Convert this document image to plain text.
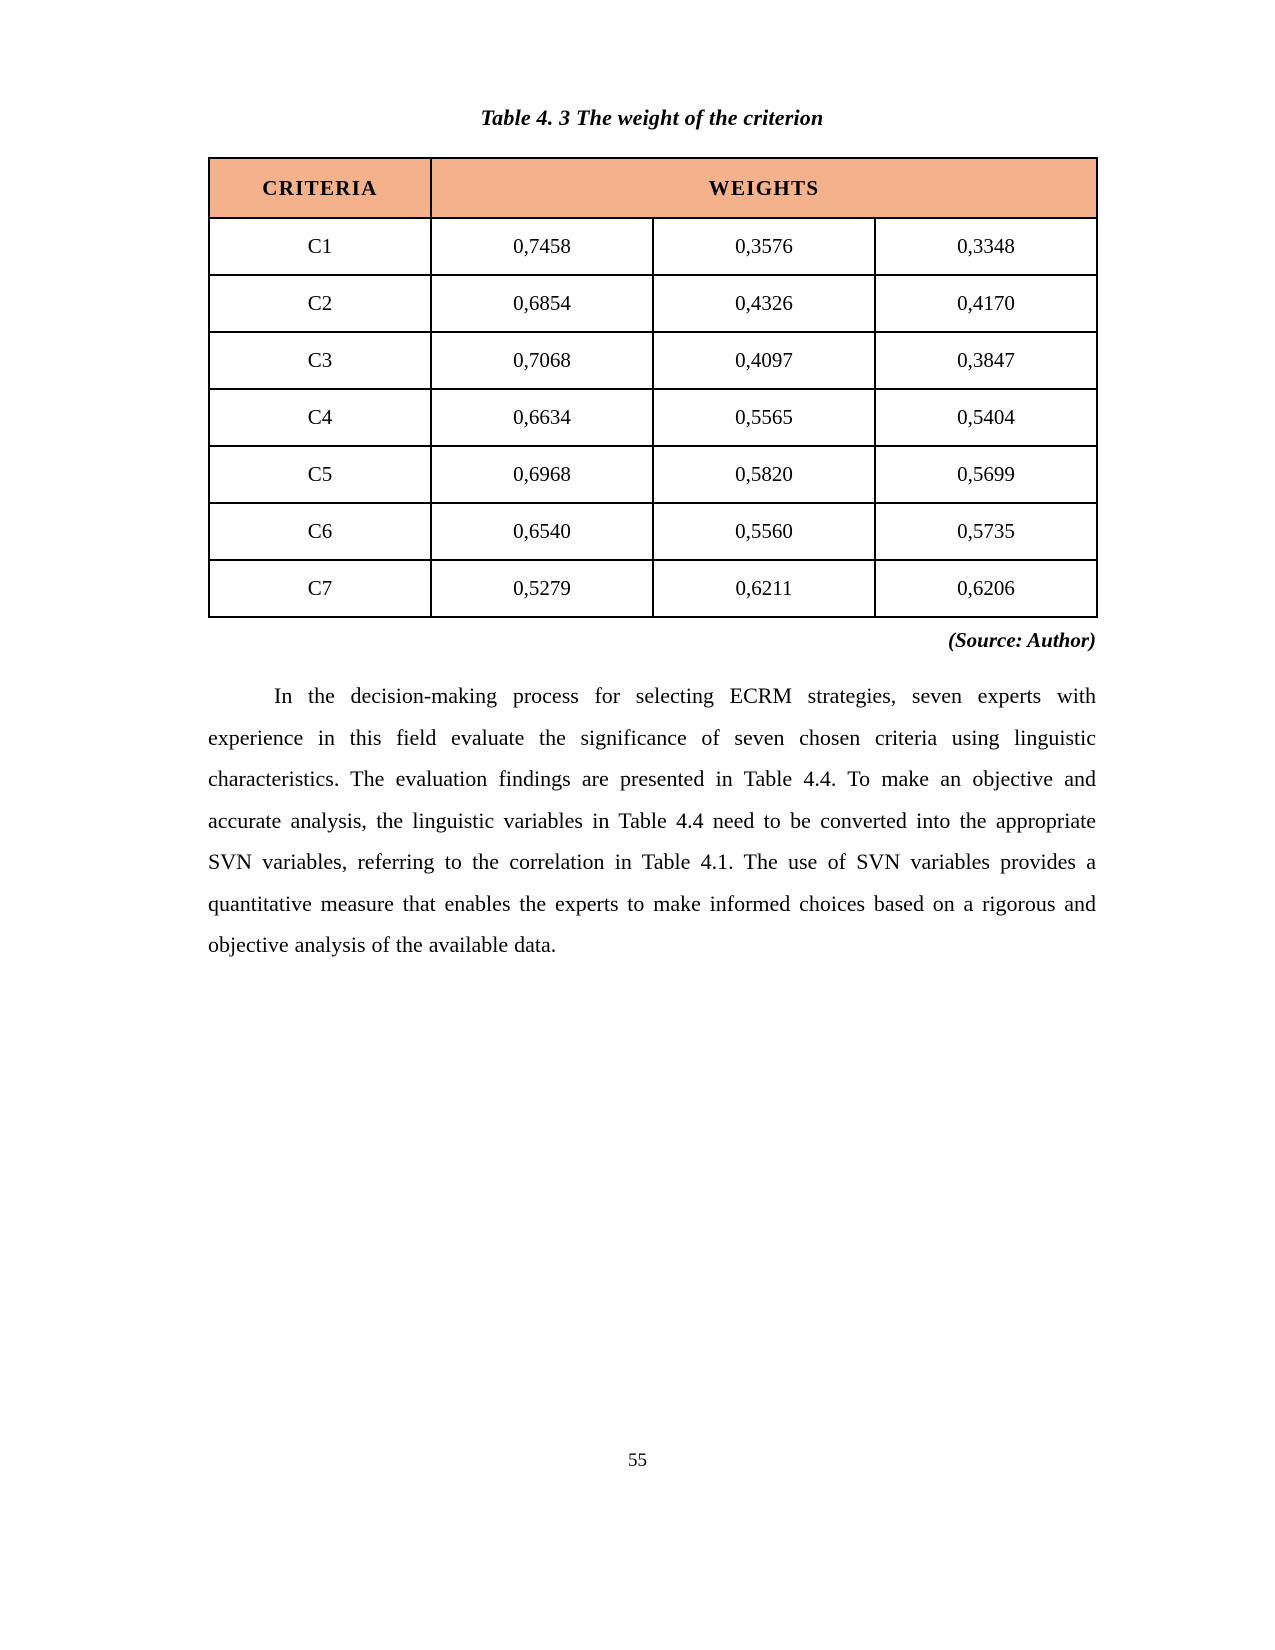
Table 4. 3 The weight of the criterion
CRITERIA	WEIGHTS		
C1	0,7458	0,3576	0,3348
C2	0,6854	0,4326	0,4170
C3	0,7068	0,4097	0,3847
C4	0,6634	0,5565	0,5404
C5	0,6968	0,5820	0,5699
C6	0,6540	0,5560	0,5735
C7	0,5279	0,6211	0,6206
(Source: Author)

In the decision-making process for selecting ECRM strategies, seven experts with experience in this field evaluate the significance of seven chosen criteria using linguistic characteristics. The evaluation findings are presented in Table 4.4. To make an objective and accurate analysis, the linguistic variables in Table 4.4 need to be converted into the appropriate SVN variables, referring to the correlation in Table 4.1. The use of SVN variables provides a quantitative measure that enables the experts to make informed choices based on a rigorous and objective analysis of the available data.

55
